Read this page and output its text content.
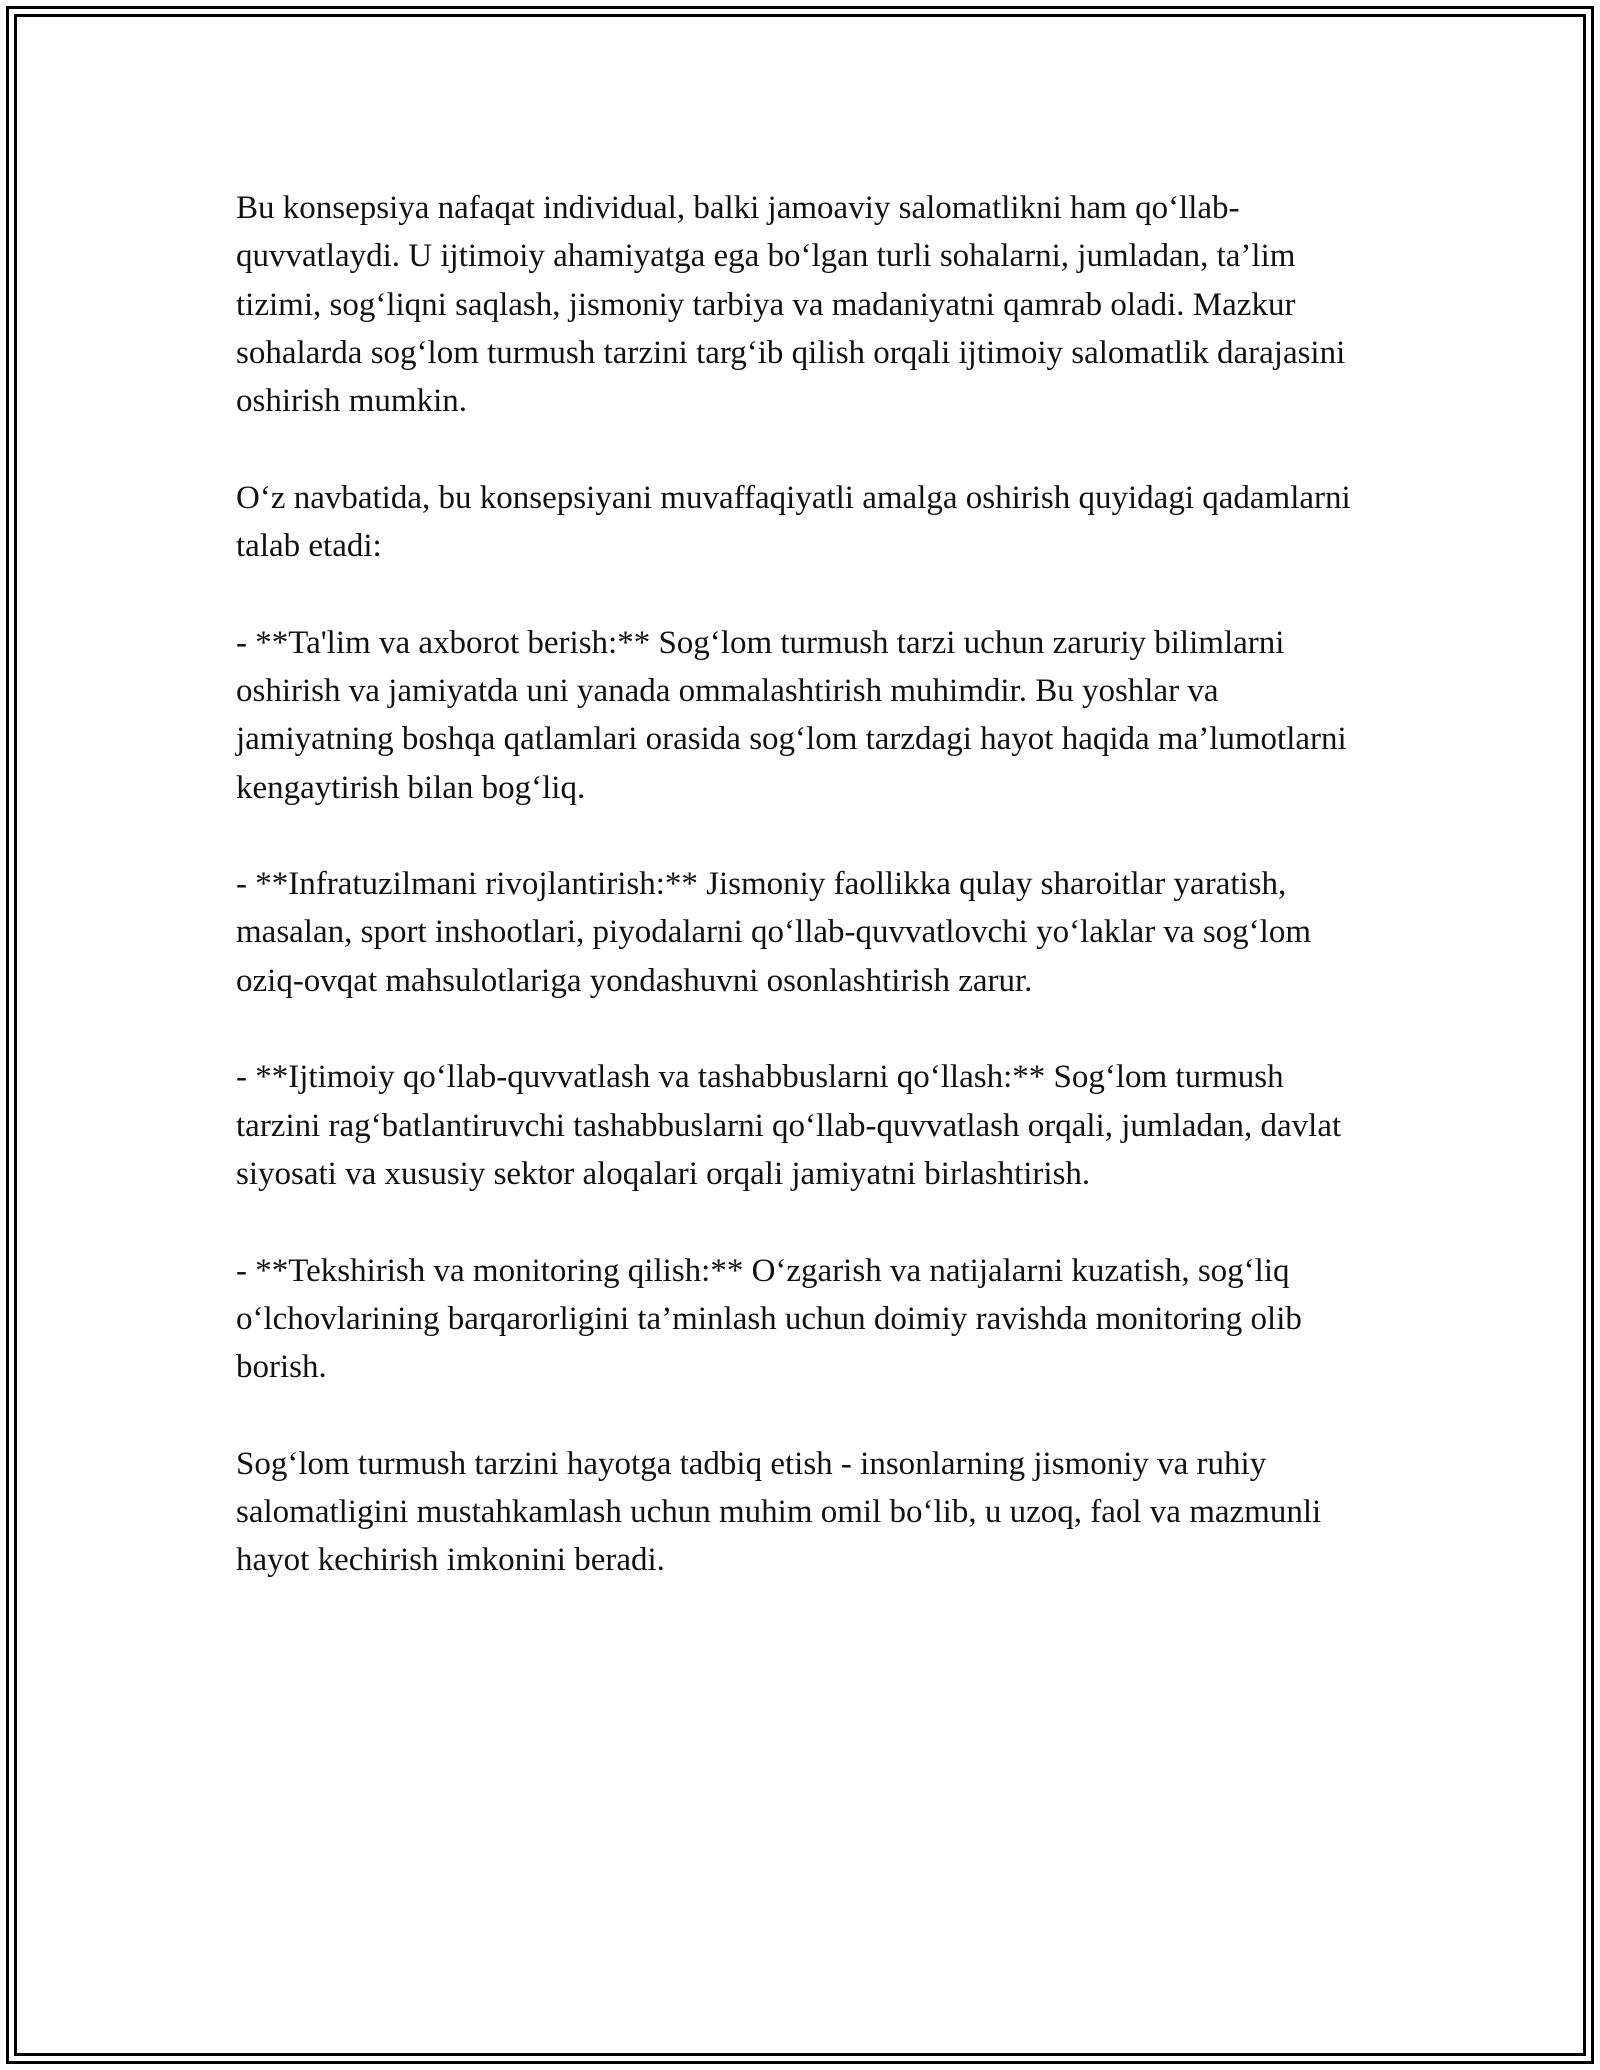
Bu konsepsiya nafaqat individual, balki jamoaviy salomatlikni ham qo‘llab-quvvatlaydi. U ijtimoiy ahamiyatga ega bo‘lgan turli sohalarni, jumladan, ta’lim tizimi, sog‘liqni saqlash, jismoniy tarbiya va madaniyatni qamrab oladi. Mazkur sohalarda sog‘lom turmush tarzini targ‘ib qilish orqali ijtimoiy salomatlik darajasini oshirish mumkin.

O‘z navbatida, bu konsepsiyani muvaffaqiyatli amalga oshirish quyidagi qadamlarni talab etadi:

- **Ta'lim va axborot berish:** Sog‘lom turmush tarzi uchun zaruriy bilimlarni oshirish va jamiyatda uni yanada ommalashtirish muhimdir. Bu yoshlar va jamiyatning boshqa qatlamlari orasida sog‘lom tarzdagi hayot haqida ma’lumotlarni kengaytirish bilan bog‘liq.

- **Infratuzilmani rivojlantirish:** Jismoniy faollikka qulay sharoitlar yaratish, masalan, sport inshootlari, piyodalarni qo‘llab-quvvatlovchi yo‘laklar va sog‘lom oziq-ovqat mahsulotlariga yondashuvni osonlashtirish zarur.

- **Ijtimoiy qo‘llab-quvvatlash va tashabbuslarni qo‘llash:** Sog‘lom turmush tarzini rag‘batlantiruvchi tashabbuslarni qo‘llab-quvvatlash orqali, jumladan, davlat siyosati va xususiy sektor aloqalari orqali jamiyatni birlashtirish.

- **Tekshirish va monitoring qilish:** O‘zgarish va natijalarni kuzatish, sog‘liq o‘lchovlarining barqarorligini ta’minlash uchun doimiy ravishda monitoring olib borish.

Sog‘lom turmush tarzini hayotga tadbiq etish - insonlarning jismoniy va ruhiy salomatligini mustahkamlash uchun muhim omil bo‘lib, u uzoq, faol va mazmunli hayot kechirish imkonini beradi.
